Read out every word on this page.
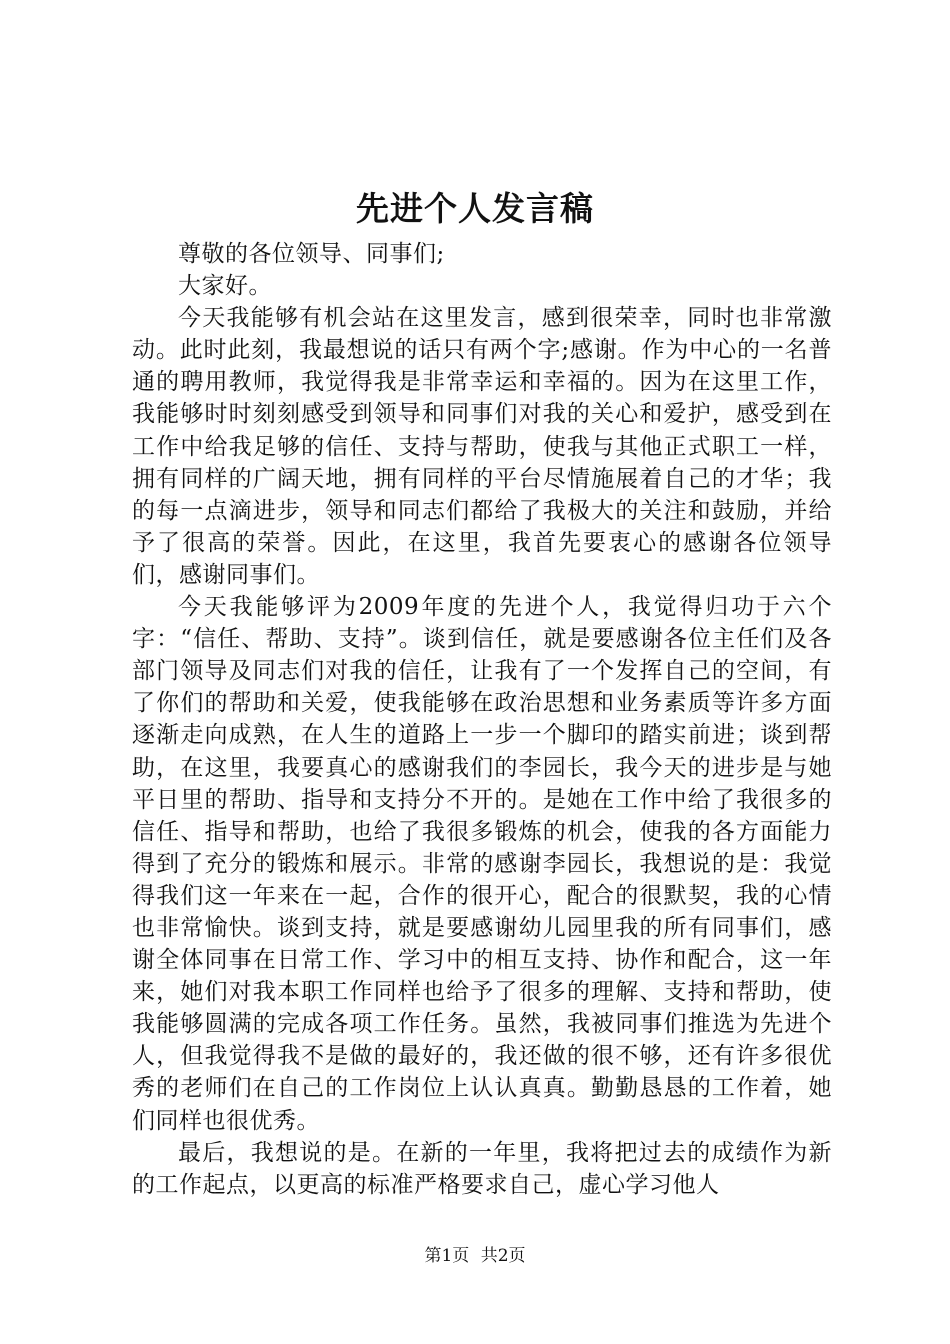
先进个人发言稿

尊敬的各位领导、同事们;

大家好。

今天我能够有机会站在这里发言，感到很荣幸，同时也非常激动。此时此刻，我最想说的话只有两个字;感谢。作为中心的一名普通的聘用教师，我觉得我是非常幸运和幸福的。因为在这里工作，我能够时时刻刻感受到领导和同事们对我的关心和爱护，感受到在工作中给我足够的信任、支持与帮助，使我与其他正式职工一样，拥有同样的广阔天地，拥有同样的平台尽情施展着自己的才华；我的每一点滴进步，领导和同志们都给了我极大的关注和鼓励，并给予了很高的荣誉。因此，在这里，我首先要衷心的感谢各位领导们，感谢同事们。

今天我能够评为2009年度的先进个人，我觉得归功于六个字：“信任、帮助、支持”。谈到信任，就是要感谢各位主任们及各部门领导及同志们对我的信任，让我有了一个发挥自己的空间，有了你们的帮助和关爱，使我能够在政治思想和业务素质等许多方面逐渐走向成熟，在人生的道路上一步一个脚印的踏实前进；谈到帮助，在这里，我要真心的感谢我们的李园长，我今天的进步是与她平日里的帮助、指导和支持分不开的。是她在工作中给了我很多的信任、指导和帮助，也给了我很多锻炼的机会，使我的各方面能力得到了充分的锻炼和展示。非常的感谢李园长，我想说的是：我觉得我们这一年来在一起，合作的很开心，配合的很默契，我的心情也非常愉快。谈到支持，就是要感谢幼儿园里我的所有同事们，感谢全体同事在日常工作、学习中的相互支持、协作和配合，这一年来，她们对我本职工作同样也给予了很多的理解、支持和帮助，使我能够圆满的完成各项工作任务。虽然，我被同事们推选为先进个人，但我觉得我不是做的最好的，我还做的很不够，还有许多很优秀的老师们在自己的工作岗位上认认真真。勤勤恳恳的工作着，她们同样也很优秀。

最后，我想说的是。在新的一年里，我将把过去的成绩作为新的工作起点，以更高的标准严格要求自己，虚心学习他人

第1页 共2页
